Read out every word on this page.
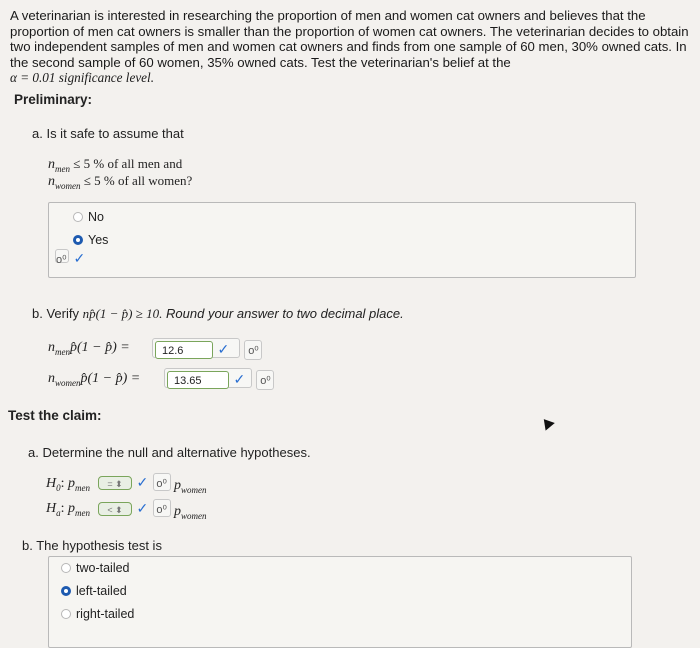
A veterinarian is interested in researching the proportion of men and women cat owners and believes that the proportion of men cat owners is smaller than the proportion of women cat owners. The veterinarian decides to obtain two independent samples of men and women cat owners and finds from one sample of 60 men, 30% owned cats. In the second sample of 60 women, 35% owned cats. Test the veterinarian's belief at the
α = 0.01 significance level.
Preliminary:
a. Is it safe to assume that
$n_{men} \le 5$ % of all men and
$n_{women} \le 5$ % of all women?
No
Yes
o⁰ ✓
b. Verify np̂(1 − p̂) ≥ 10. Round your answer to two decimal place.
$n_{men}p̂(1$ − p̂) =	12.6 ✓ o⁰
$n_{women}p̂(1$ − p̂) =	13.65 ✓ o⁰
Test the claim:
a. Determine the null and alternative hypotheses.
$H_0$: $p_{men}$	= ⬍ ✓ o⁰ $p_{women}$
$H_a$: $p_{men}$	< ⬍ ✓ o⁰ $p_{women}$
b. The hypothesis test is
two-tailed
left-tailed
right-tailed
